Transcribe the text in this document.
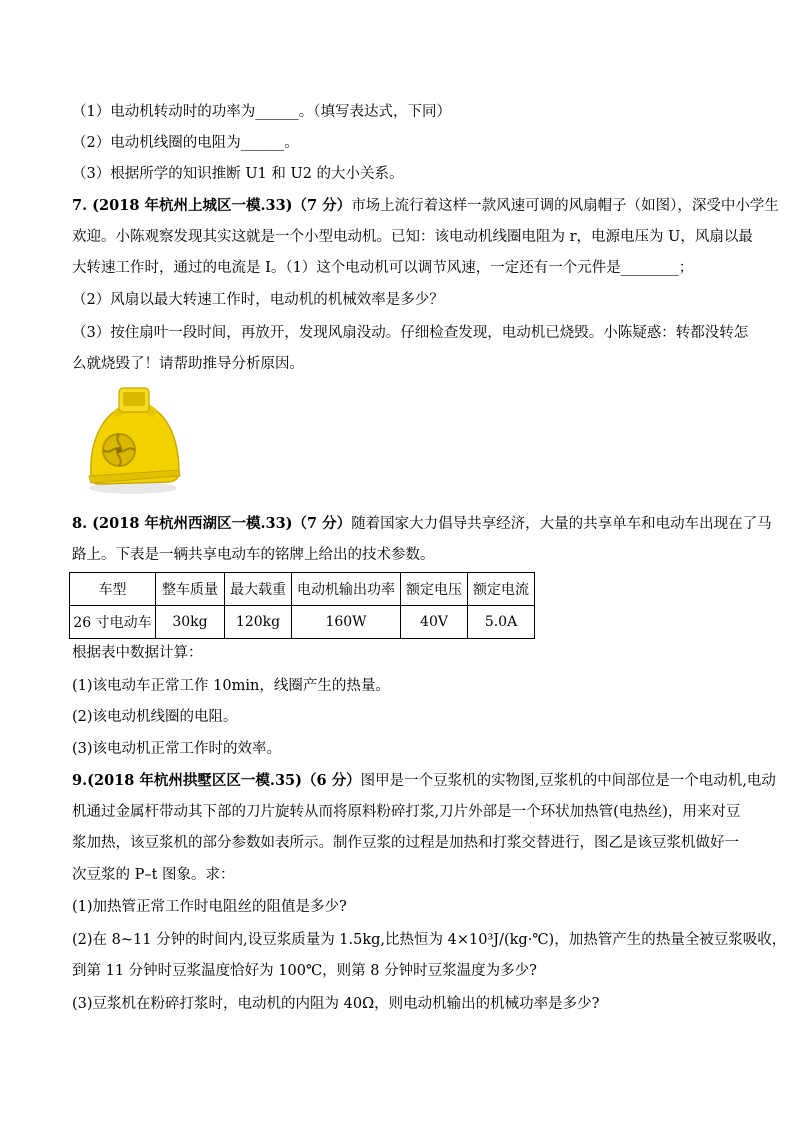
（1）电动机转动时的功率为______。（填写表达式，下同）
（2）电动机线圈的电阻为______。
（3）根据所学的知识推断 U1 和 U2 的大小关系。
7. (2018 年杭州上城区一模.33)（7 分）市场上流行着这样一款风速可调的风扇帽子（如图），深受中小学生
欢迎。小陈观察发现其实这就是一个小型电动机。已知：该电动机线圈电阻为 r，电源电压为 U，风扇以最
大转速工作时，通过的电流是 I。（1）这个电动机可以调节风速，一定还有一个元件是________；
（2）风扇以最大转速工作时，电动机的机械效率是多少？
（3）按住扇叶一段时间，再放开，发现风扇没动。仔细检查发现，电动机已烧毁。小陈疑惑：转都没转怎
么就烧毁了！请帮助推导分析原因。
8. (2018 年杭州西湖区一模.33)（7 分）随着国家大力倡导共享经济，大量的共享单车和电动车出现在了马
路上。下表是一辆共享电动车的铭牌上给出的技术参数。
车型	整车质量	最大载重	电动机输出功率	额定电压	额定电流
26 寸电动车	30kg	120kg	160W	40V	5.0A
根据表中数据计算：
(1)该电动车正常工作 10min，线圈产生的热量。
(2)该电动机线圈的电阻。
(3)该电动机正常工作时的效率。
9.(2018 年杭州拱墅区区一模.35)（6 分）图甲是一个豆浆机的实物图,豆浆机的中间部位是一个电动机,电动
机通过金属杆带动其下部的刀片旋转从而将原料粉碎打浆,刀片外部是一个环状加热管(电热丝)，用来对豆
浆加热，该豆浆机的部分参数如表所示。制作豆浆的过程是加热和打浆交替进行，图乙是该豆浆机做好一
次豆浆的 P–t 图象。求：
(1)加热管正常工作时电阻丝的阻值是多少?
(2)在 8~11 分钟的时间内,设豆浆质量为 1.5kg,比热恒为 4×10³J/(kg·℃)，加热管产生的热量全被豆浆吸收，
到第 11 分钟时豆浆温度恰好为 100℃，则第 8 分钟时豆浆温度为多少?
(3)豆浆机在粉碎打浆时，电动机的内阻为 40Ω，则电动机输出的机械功率是多少?
